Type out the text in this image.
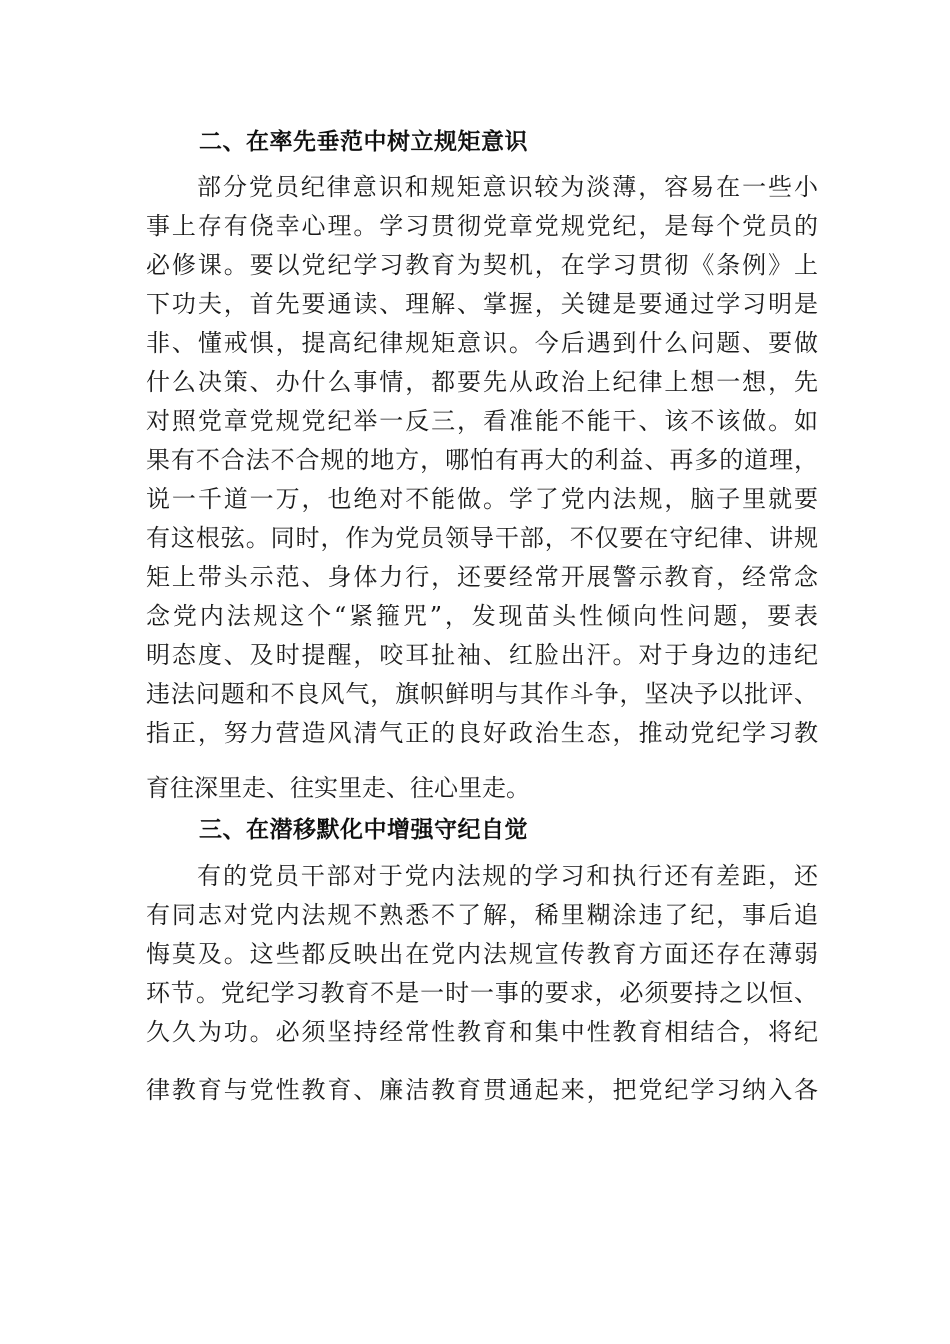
二、在率先垂范中树立规矩意识
部分党员纪律意识和规矩意识较为淡薄，容易在一些小
事上存有侥幸心理。学习贯彻党章党规党纪，是每个党员的
必修课。要以党纪学习教育为契机，在学习贯彻《条例》上
下功夫，首先要通读、理解、掌握，关键是要通过学习明是
非、懂戒惧，提高纪律规矩意识。今后遇到什么问题、要做
什么决策、办什么事情，都要先从政治上纪律上想一想，先
对照党章党规党纪举一反三，看准能不能干、该不该做。如
果有不合法不合规的地方，哪怕有再大的利益、再多的道理，
说一千道一万，也绝对不能做。学了党内法规，脑子里就要
有这根弦。同时，作为党员领导干部，不仅要在守纪律、讲规
矩上带头示范、身体力行，还要经常开展警示教育，经常念
念党内法规这个“紧箍咒”，发现苗头性倾向性问题，要表
明态度、及时提醒，咬耳扯袖、红脸出汗。对于身边的违纪
违法问题和不良风气，旗帜鲜明与其作斗争，坚决予以批评、
指正，努力营造风清气正的良好政治生态，推动党纪学习教
育往深里走、往实里走、往心里走。
三、在潜移默化中增强守纪自觉
有的党员干部对于党内法规的学习和执行还有差距，还
有同志对党内法规不熟悉不了解，稀里糊涂违了纪，事后追
悔莫及。这些都反映出在党内法规宣传教育方面还存在薄弱
环节。党纪学习教育不是一时一事的要求，必须要持之以恒、
久久为功。必须坚持经常性教育和集中性教育相结合，将纪
律教育与党性教育、廉洁教育贯通起来，把党纪学习纳入各
